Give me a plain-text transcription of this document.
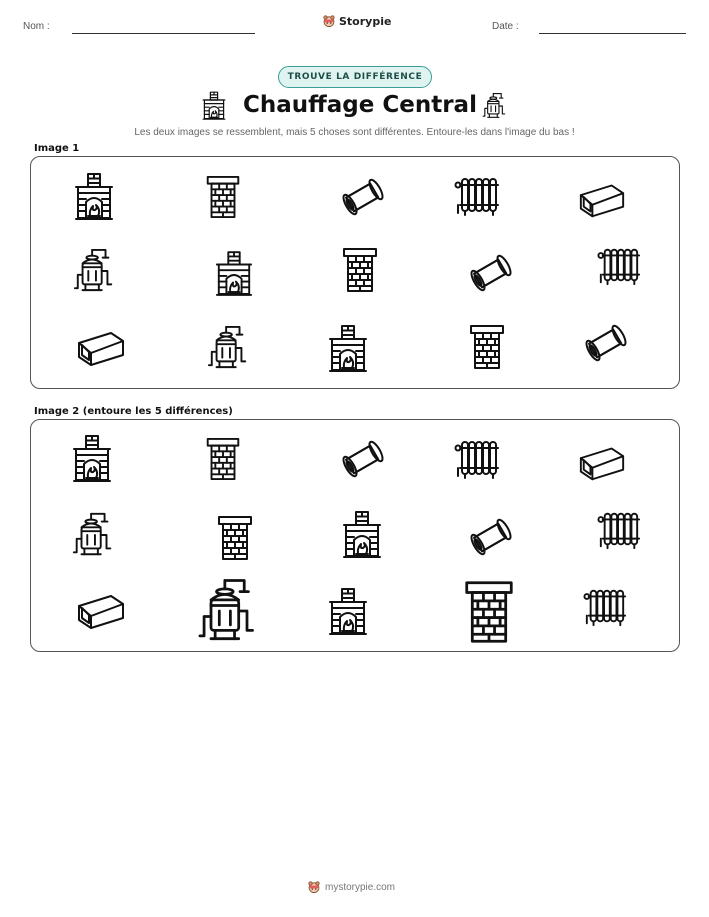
Nom :	Storypie	Date :
TROUVE LA DIFFÉRENCE
Chauffage Central
Les deux images se ressemblent, mais 5 choses sont différentes. Entoure-les dans l'image du bas !
Image 1
Image 2 (entoure les 5 différences)
mystorypie.com
